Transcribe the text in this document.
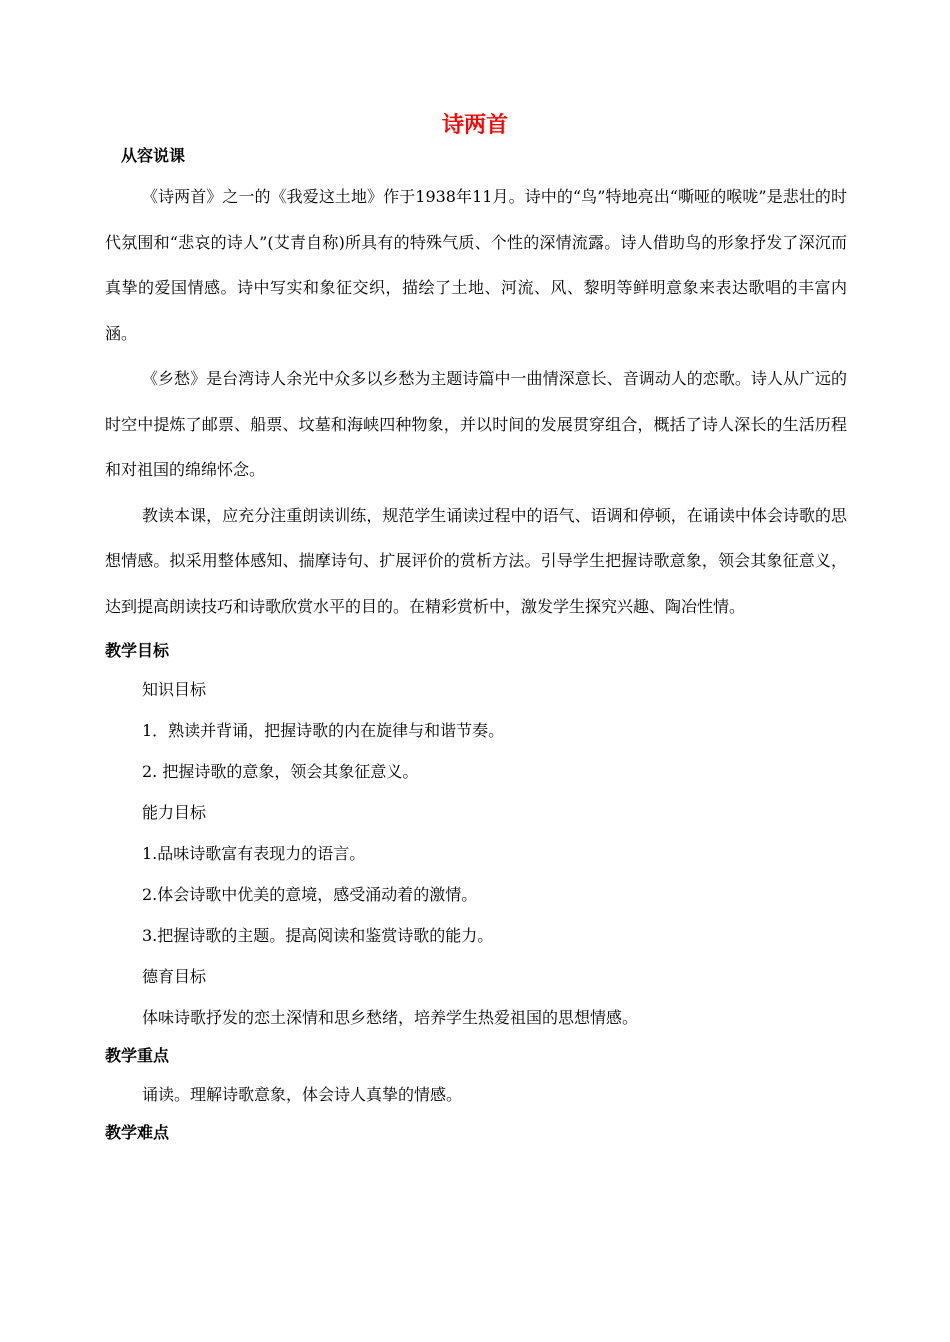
诗两首
从容说课

《诗两首》之一的《我爱这土地》作于1938年11月。诗中的“鸟”特地亮出“嘶哑的喉咙”是悲壮的时代氛围和“悲哀的诗人”(艾青自称)所具有的特殊气质、个性的深情流露。诗人借助鸟的形象抒发了深沉而真挚的爱国情感。诗中写实和象征交织，描绘了土地、河流、风、黎明等鲜明意象来表达歌唱的丰富内涵。

《乡愁》是台湾诗人余光中众多以乡愁为主题诗篇中一曲情深意长、音调动人的恋歌。诗人从广远的时空中提炼了邮票、船票、坟墓和海峡四种物象，并以时间的发展贯穿组合，概括了诗人深长的生活历程和对祖国的绵绵怀念。

教读本课，应充分注重朗读训练，规范学生诵读过程中的语气、语调和停顿，在诵读中体会诗歌的思想情感。拟采用整体感知、揣摩诗句、扩展评价的赏析方法。引导学生把握诗歌意象，领会其象征意义，达到提高朗读技巧和诗歌欣赏水平的目的。在精彩赏析中，激发学生探究兴趣、陶冶性情。

教学目标
知识目标
1．熟读并背诵，把握诗歌的内在旋律与和谐节奏。
2. 把握诗歌的意象，领会其象征意义。
能力目标
1.品味诗歌富有表现力的语言。
2.体会诗歌中优美的意境，感受涌动着的激情。
3.把握诗歌的主题。提高阅读和鉴赏诗歌的能力。
德育目标
体味诗歌抒发的恋土深情和思乡愁绪，培养学生热爱祖国的思想情感。
教学重点
诵读。理解诗歌意象，体会诗人真挚的情感。
教学难点
